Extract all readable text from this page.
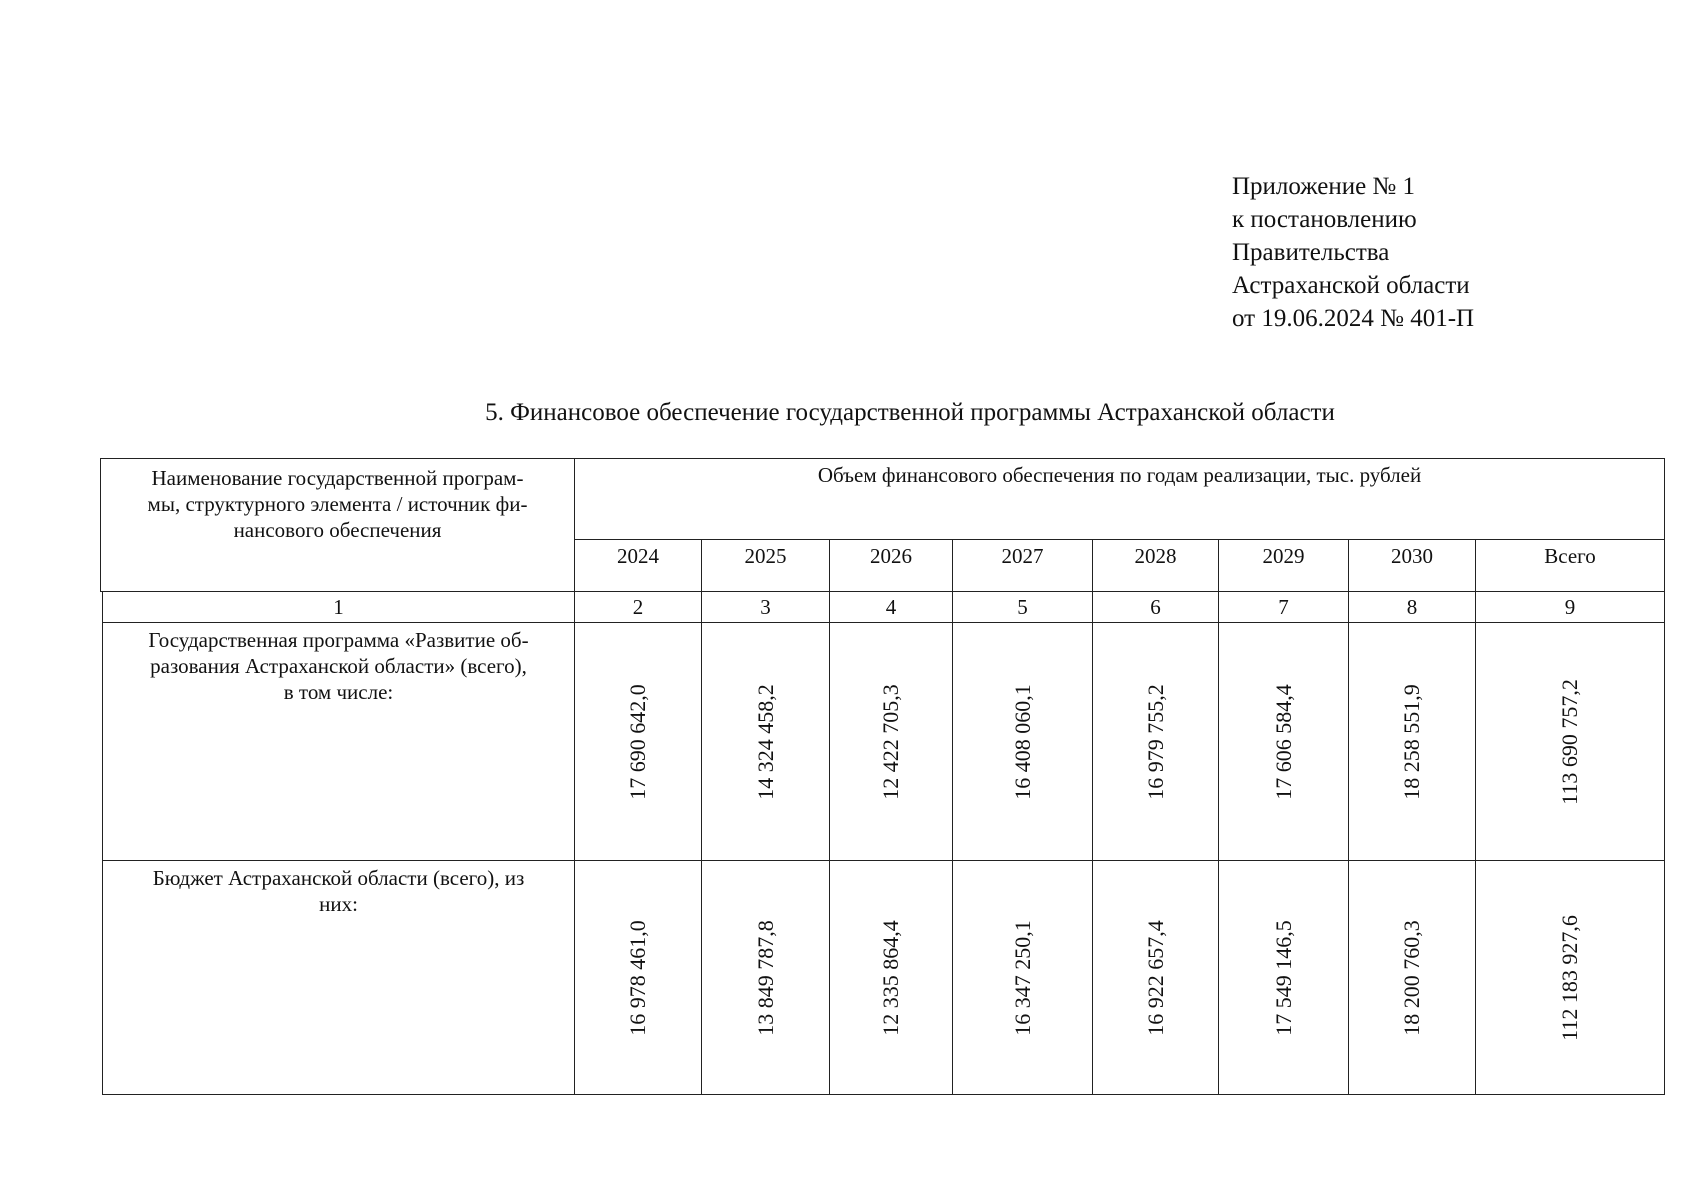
Приложение № 1
к постановлению
Правительства
Астраханской области
от 19.06.2024 № 401-П
5. Финансовое обеспечение государственной программы Астраханской области
Наименование государственной програм-
мы, структурного элемента / источник фи-
нансового обеспечения	Объем финансового обеспечения по годам реализации, тыс. рублей							
	2024	2025	2026	2027	2028	2029	2030	Всего
1	2	3	4	5	6	7	8	9

Государственная программа «Развитие об-
разования Астраханской области» (всего),
в том числе:	17 690 642,0	14 324 458,2	12 422 705,3	16 408 060,1	16 979 755,2	17 606 584,4	18 258 551,9	113 690 757,2

Бюджет Астраханской области (всего), из
них:	16 978 461,0	13 849 787,8	12 335 864,4	16 347 250,1	16 922 657,4	17 549 146,5	18 200 760,3	112 183 927,6
